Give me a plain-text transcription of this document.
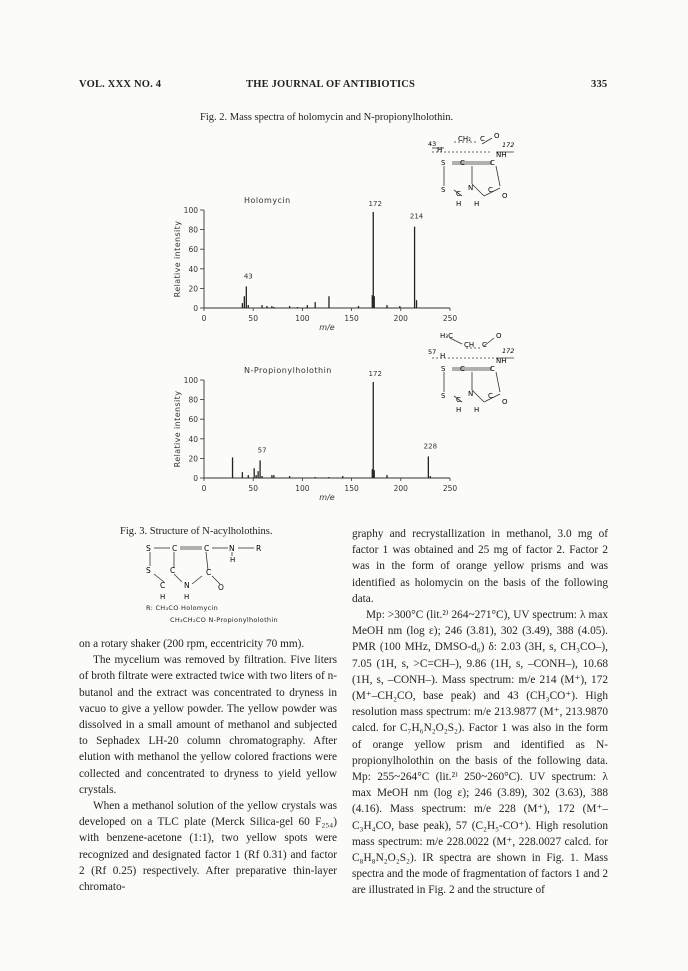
VOL. XXX NO. 4	THE JOURNAL OF ANTIBIOTICS	335
Fig. 2. Mass spectra of holomycin and N-propionylholothin.
CH₂ C O
H
43	172
NH
S C	C
S	N
C	C
O
H H
0
20
40
60
80
100
0	50	100	150	200	250
43
172
214
Holomycin
m/e
Relative intensity
H₃C
CH C
O
H
57	172
NH
S C	C
S	N
C	C
O
H H
0
20
40
60
80
100
0	50	100	150	200	250
57
172
228
N-Propionylholothin
m/e
Relative intensity
Fig. 3. Structure of N-acylholothins.
S	C	C	N	R
H
S	C	C
C	N	O
H	H
R: CH₃CO Holomycin
CH₃CH₂CO N-Propionylholothin

on a rotary shaker (200 rpm, eccentricity 70 mm).

The mycelium was removed by filtration. Five liters of broth filtrate were extracted twice with two liters of n-butanol and the extract was concentrated to dryness in vacuo to give a yellow powder. The yellow powder was dissolved in a small amount of methanol and subjected to Sephadex LH-20 column chromatography. After elution with methanol the yellow colored fractions were collected and concentrated to dryness to yield yellow crystals.

When a methanol solution of the yellow crystals was developed on a TLC plate (Merck Silica-gel 60 F₂₅₄) with benzene-acetone (1:1), two yellow spots were recognized and designated factor 1 (Rf 0.31) and factor 2 (Rf 0.25) respectively. After preparative thin-layer chromato-

graphy and recrystallization in methanol, 3.0 mg of factor 1 was obtained and 25 mg of factor 2. Factor 2 was in the form of orange yellow prisms and was identified as holomycin on the basis of the following data.

Mp: >300°C (lit.²⁾ 264~271°C), UV spectrum: λ max MeOH nm (log ε); 246 (3.81), 302 (3.49), 388 (4.05). PMR (100 MHz, DMSO-d₆) δ: 2.03 (3H, s, CH₃CO–), 7.05 (1H, s, >C=CH–), 9.86 (1H, s, –CONH–), 10.68 (1H, s, –CONH–). Mass spectrum: m/e 214 (M⁺), 172 (M⁺–CH₂CO, base peak) and 43 (CH₃CO⁺). High resolution mass spectrum: m/e 213.9877 (M⁺, 213.9870 calcd. for C₇H₆N₂O₂S₂). Factor 1 was also in the form of orange yellow prism and identified as N-propionylholothin on the basis of the following data. Mp: 255~264°C (lit.²⁾ 250~260°C). UV spectrum: λ max MeOH nm (log ε); 246 (3.89), 302 (3.63), 388 (4.16). Mass spectrum: m/e 228 (M⁺), 172 (M⁺–C₃H₄CO, base peak), 57 (C₂H₅-CO⁺). High resolution mass spectrum: m/e 228.0022 (M⁺, 228.0027 calcd. for C₈H₈N₂O₂S₂). IR spectra are shown in Fig. 1. Mass spectra and the mode of fragmentation of factors 1 and 2 are illustrated in Fig. 2 and the structure of
